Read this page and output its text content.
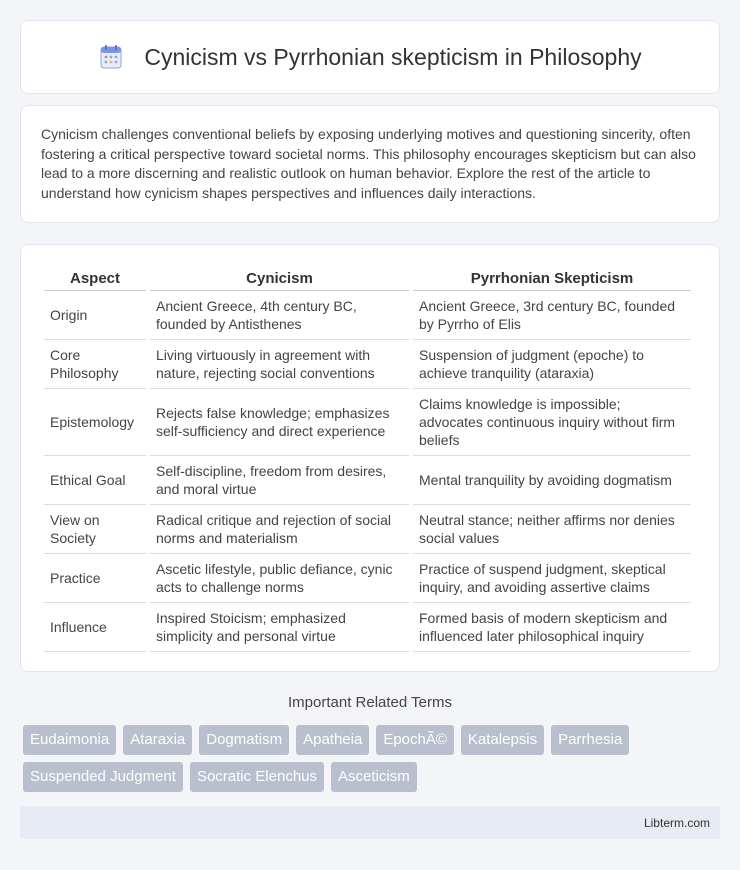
Cynicism vs Pyrrhonian skepticism in Philosophy

Cynicism challenges conventional beliefs by exposing underlying motives and questioning sincerity, often fostering a critical perspective toward societal norms. This philosophy encourages skepticism but can also lead to a more discerning and realistic outlook on human behavior. Explore the rest of the article to understand how cynicism shapes perspectives and influences daily interactions.

Aspect	Cynicism	Pyrrhonian Skepticism
Origin	Ancient Greece, 4th century BC, founded by Antisthenes	Ancient Greece, 3rd century BC, founded by Pyrrho of Elis
Core Philosophy	Living virtuously in agreement with nature, rejecting social conventions	Suspension of judgment (epoche) to achieve tranquility (ataraxia)
Epistemology	Rejects false knowledge; emphasizes self-sufficiency and direct experience	Claims knowledge is impossible; advocates continuous inquiry without firm beliefs
Ethical Goal	Self-discipline, freedom from desires, and moral virtue	Mental tranquility by avoiding dogmatism
View on Society	Radical critique and rejection of social norms and materialism	Neutral stance; neither affirms nor denies social values
Practice	Ascetic lifestyle, public defiance, cynic acts to challenge norms	Practice of suspend judgment, skeptical inquiry, and avoiding assertive claims
Influence	Inspired Stoicism; emphasized simplicity and personal virtue	Formed basis of modern skepticism and influenced later philosophical inquiry
Important Related Terms
Eudaimonia	Ataraxia	Dogmatism	Apatheia	EpochÃ©	Katalepsis	Parrhesia
Suspended Judgment	Socratic Elenchus	Asceticism
Libterm.com
